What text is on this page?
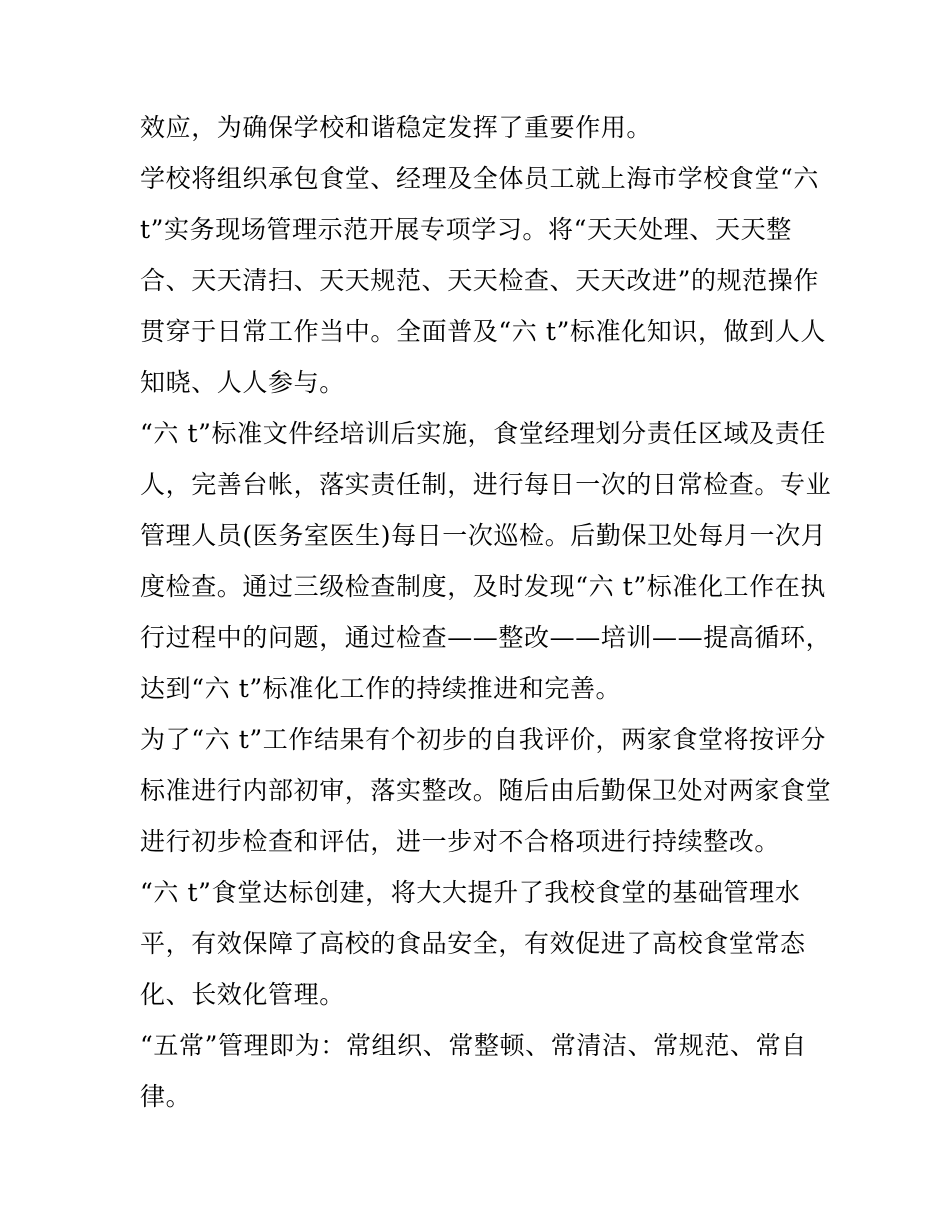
效应，为确保学校和谐稳定发挥了重要作用。
学校将组织承包食堂、经理及全体员工就上海市学校食堂“六
t”实务现场管理示范开展专项学习。将“天天处理、天天整
合、天天清扫、天天规范、天天检查、天天改进”的规范操作
贯穿于日常工作当中。全面普及“六 t”标准化知识，做到人人
知晓、人人参与。
“六 t”标准文件经培训后实施，食堂经理划分责任区域及责任
人，完善台帐，落实责任制，进行每日一次的日常检查。专业
管理人员(医务室医生)每日一次巡检。后勤保卫处每月一次月
度检查。通过三级检查制度，及时发现“六 t”标准化工作在执
行过程中的问题，通过检查——整改——培训——提高循环，
达到“六 t”标准化工作的持续推进和完善。
为了“六 t”工作结果有个初步的自我评价，两家食堂将按评分
标准进行内部初审，落实整改。随后由后勤保卫处对两家食堂
进行初步检查和评估，进一步对不合格项进行持续整改。
“六 t”食堂达标创建，将大大提升了我校食堂的基础管理水
平，有效保障了高校的食品安全，有效促进了高校食堂常态
化、长效化管理。
“五常”管理即为：常组织、常整顿、常清洁、常规范、常自
律。
